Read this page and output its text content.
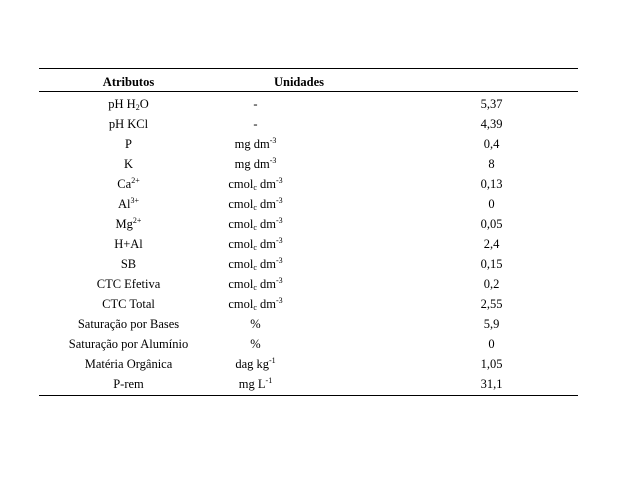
Atributos	Unidades
pH $H_2O$	-	5,37
pH KCl	-	4,39
P	mg $dm^{-3}$	0,4
K	mg $dm^{-3}$	8
$Ca^{2+}$	cmol$_c$ $dm^{-3}$	0,13
$Al^{3+}$	cmol$_c$ $dm^{-3}$	0
$Mg^{2+}$	cmol$_c$ $dm^{-3}$	0,05
H+Al	cmol$_c$ $dm^{-3}$	2,4
SB	cmol$_c$ $dm^{-3}$	0,15
CTC Efetiva	cmol$_c$ $dm^{-3}$	0,2
CTC Total	cmol$_c$ $dm^{-3}$	2,55
Saturação por Bases	%	5,9
Saturação por Alumínio	%	0
Matéria Orgânica	dag $kg^{-1}$	1,05
P-rem	mg $L^{-1}$	31,1
